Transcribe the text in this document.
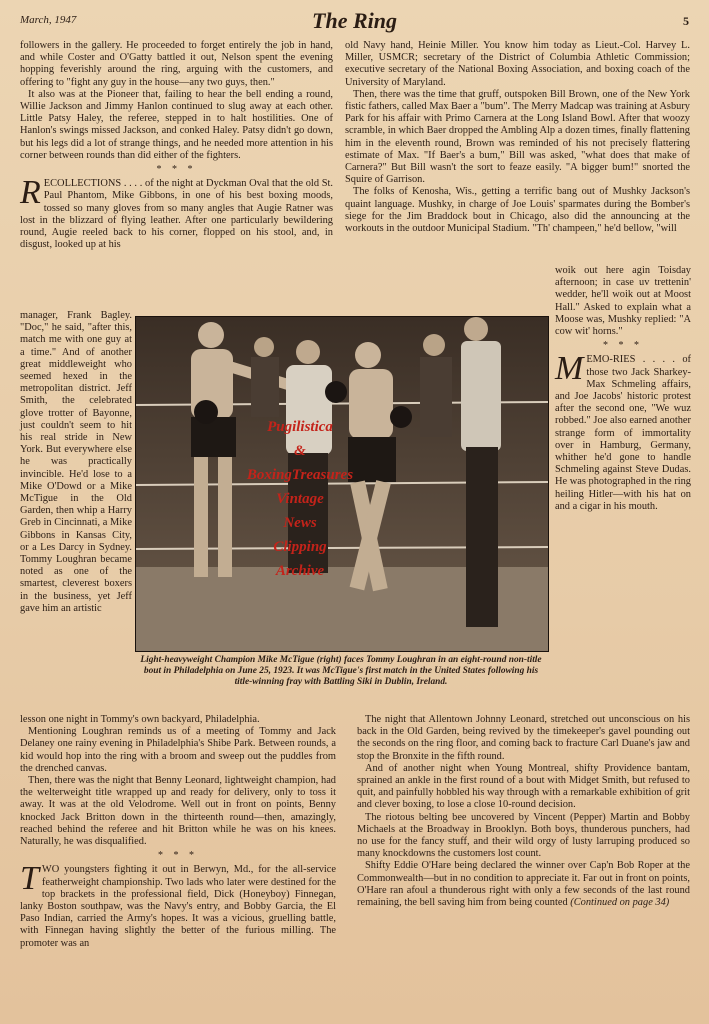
March, 1947	The Ring	5

followers in the gallery. He proceeded to forget entirely the job in hand, and while Coster and O'Gatty battled it out, Nelson spent the evening hopping feverishly around the ring, arguing with the customers, and offering to "fight any guy in the house—any two guys, then."

It also was at the Pioneer that, failing to hear the bell ending a round, Willie Jackson and Jimmy Hanlon continued to slug away at each other. Little Patsy Haley, the referee, stepped in to halt hostilities. One of Hanlon's swings missed Jackson, and conked Haley. Patsy didn't go down, but his legs did a lot of strange things, and he needed more attention in his corner between rounds than did either of the fighters.

* * *

RECOLLECTIONS . . . . of the night at Dyckman Oval that the old St. Paul Phantom, Mike Gibbons, in one of his best boxing moods, tossed so many gloves from so many angles that Augie Ratner was lost in the blizzard of flying leather. After one particularly bewildering round, Augie reeled back to his corner, flopped on his stool, and, in disgust, looked up at his

manager, Frank Bagley. "Doc," he said, "after this, match me with one guy at a time." And of another great middleweight who seemed hexed in the metropolitan district. Jeff Smith, the celebrated glove trotter of Bayonne, just couldn't seem to hit his real stride in New York. But everywhere else he was practically invincible. He'd lose to a Mike O'Dowd or a Mike McTigue in the Old Garden, then whip a Harry Greb in Cincinnati, a Mike Gibbons in Kansas City, or a Les Darcy in Sydney. Tommy Loughran became noted as one of the smartest, cleverest boxers in the business, yet Jeff gave him an artistic

old Navy hand, Heinie Miller. You know him today as Lieut.-Col. Harvey L. Miller, USMCR; secretary of the District of Columbia Athletic Commission; executive secretary of the National Boxing Association, and boxing coach of the University of Maryland.

Then, there was the time that gruff, outspoken Bill Brown, one of the New York fistic fathers, called Max Baer a "bum". The Merry Madcap was training at Asbury Park for his affair with Primo Carnera at the Long Island Bowl. After that woozy scramble, in which Baer dropped the Ambling Alp a dozen times, finally flattening him in the eleventh round, Brown was reminded of his not precisely flattering estimate of Max. "If Baer's a bum," Bill was asked, "what does that make of Carnera?" But Bill wasn't the sort to feaze easily. "A bigger bum!" snorted the Squire of Garrison.

The folks of Kenosha, Wis., getting a terrific bang out of Mushky Jackson's quaint language. Mushky, in charge of Joe Louis' sparmates during the Bomber's siege for the Jim Braddock bout in Chicago, also did the announcing at the workouts in the outdoor Municipal Stadium. "Th' champeen," he'd bellow, "will

woik out here agin Toisday afternoon; in case uv trettenin' wedder, he'll woik out at Moost Hall." Asked to explain what a Moose was, Mushky replied: "A cow wit' horns."

* * *

MEMO-RIES . . . . of those two Jack Sharkey-Max Schmeling affairs, and Joe Jacobs' historic protest after the second one, "We wuz robbed." Joe also earned another strange form of immortality over in Hamburg, Germany, whither he'd gone to handle Schmeling against Steve Dudas. He was photographed in the ring heiling Hitler—with his hat on and a cigar in his mouth.

Pugilistica
&
BoxingTreasures
Vintage
News
Clipping
Archive
Light-heavyweight Champion Mike McTigue (right) faces Tommy Loughran in an eight-round non-title bout in Philadelphia on June 25, 1923. It was McTigue's first match in the United States following his title-winning fray with Battling Siki in Dublin, Ireland.

lesson one night in Tommy's own backyard, Philadelphia.

Mentioning Loughran reminds us of a meeting of Tommy and Jack Delaney one rainy evening in Philadelphia's Shibe Park. Between rounds, a kid would hop into the ring with a broom and sweep out the puddles from the drenched canvas.

Then, there was the night that Benny Leonard, lightweight champion, had the welterweight title wrapped up and ready for delivery, only to toss it away. It was at the old Velodrome. Well out in front on points, Benny knocked Jack Britton down in the thirteenth round—then, amazingly, reached behind the referee and hit Britton while he was on his knees. Naturally, he was disqualified.

* * *

TWO youngsters fighting it out in Berwyn, Md., for the all-service featherweight championship. Two lads who later were destined for the top brackets in the professional field, Dick (Honeyboy) Finnegan, lanky Boston southpaw, was the Navy's entry, and Bobby Garcia, the El Paso Indian, carried the Army's hopes. It was a vicious, gruelling battle, with Finnegan having slightly the better of the furious milling. The promoter was an

The night that Allentown Johnny Leonard, stretched out unconscious on his back in the Old Garden, being revived by the timekeeper's gavel pounding out the seconds on the ring floor, and coming back to fracture Carl Duane's jaw and stop the Bronxite in the fifth round.

And of another night when Young Montreal, shifty Providence bantam, sprained an ankle in the first round of a bout with Midget Smith, but refused to quit, and painfully hobbled his way through with a remarkable exhibition of grit and clever boxing, to lose a close 10-round decision.

The riotous belting bee uncovered by Vincent (Pepper) Martin and Bobby Michaels at the Broadway in Brooklyn. Both boys, thunderous punchers, had no use for the fancy stuff, and their wild orgy of lusty larruping produced so many knockdowns the customers lost count.

Shifty Eddie O'Hare being declared the winner over Cap'n Bob Roper at the Commonwealth—but in no condition to appreciate it. Far out in front on points, O'Hare ran afoul a thunderous right with only a few seconds of the last round remaining, the bell saving him from being counted (Continued on page 34)
